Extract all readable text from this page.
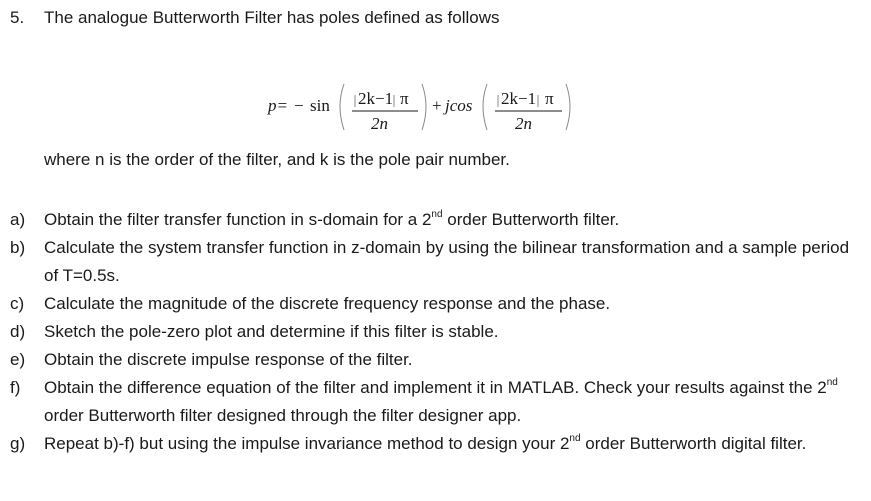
5. The analogue Butterworth Filter has poles defined as follows
p= − sin 2k−1 π
2n
+ jcos 2k−1 π
2n
where n is the order of the filter, and k is the pole pair number.
a)	Obtain the filter transfer function in s-domain for a 2nd order Butterworth filter.
b)	Calculate the system transfer function in z-domain by using the bilinear transformation and a sample period of T=0.5s.
c)	Calculate the magnitude of the discrete frequency response and the phase.
d)	Sketch the pole-zero plot and determine if this filter is stable.
e)	Obtain the discrete impulse response of the filter.
f)	Obtain the difference equation of the filter and implement it in MATLAB. Check your results against the 2nd order Butterworth filter designed through the filter designer app.
g)	Repeat b)-f) but using the impulse invariance method to design your 2nd order Butterworth digital filter.
